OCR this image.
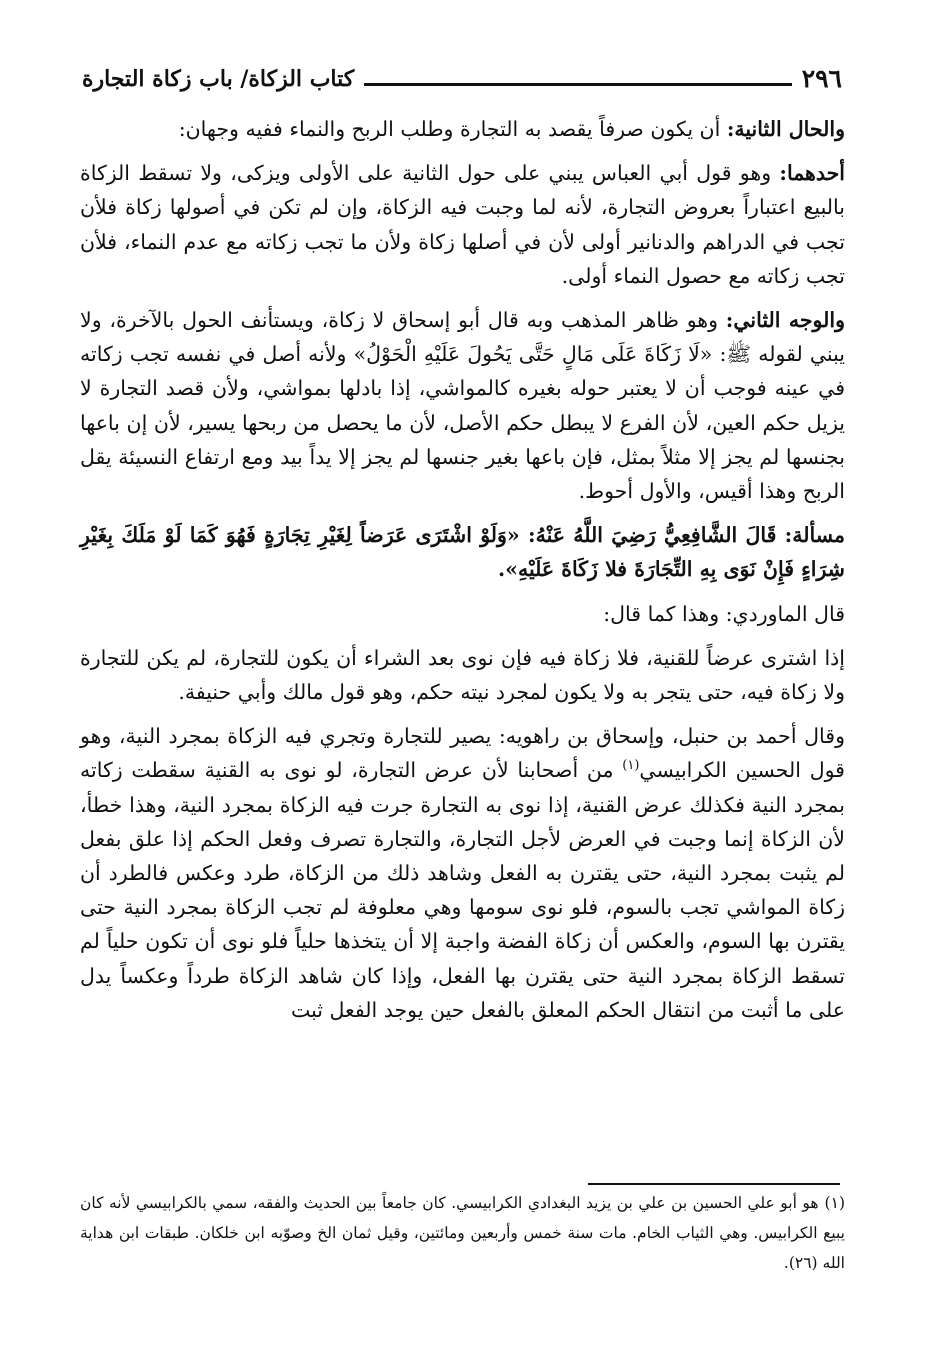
٢٩٦
كتاب الزكاة/ باب زكاة التجارة

والحال الثانية: أن يكون صرفاً يقصد به التجارة وطلب الربح والنماء ففيه وجهان:

أحدهما: وهو قول أبي العباس يبني على حول الثانية على الأولى ويزكى، ولا تسقط الزكاة بالبيع اعتباراً بعروض التجارة، لأنه لما وجبت فيه الزكاة، وإن لم تكن في أصولها زكاة فلأن تجب في الدراهم والدنانير أولى لأن في أصلها زكاة ولأن ما تجب زكاته مع عدم النماء، فلأن تجب زكاته مع حصول النماء أولى.

والوجه الثاني: وهو ظاهر المذهب وبه قال أبو إسحاق لا زكاة، ويستأنف الحول بالآخرة، ولا يبني لقوله ﷺ: «لَا زَكَاةَ عَلَى مَالٍ حَتَّى يَحُولَ عَلَيْهِ الْحَوْلُ» ولأنه أصل في نفسه تجب زكاته في عينه فوجب أن لا يعتبر حوله بغيره كالمواشي، إذا بادلها بمواشي، ولأن قصد التجارة لا يزيل حكم العين، لأن الفرع لا يبطل حكم الأصل، لأن ما يحصل من ربحها يسير، لأن إن باعها بجنسها لم يجز إلا مثلاً بمثل، فإن باعها بغير جنسها لم يجز إلا يداً بيد ومع ارتفاع النسيئة يقل الربح وهذا أقيس، والأول أحوط.

مسألة: قَالَ الشَّافِعِيُّ رَضِيَ اللَّهُ عَنْهُ: «وَلَوْ اشْتَرَى عَرَضاً لِغَيْرِ تِجَارَةٍ فَهُوَ كَمَا لَوْ مَلَكَ بِغَيْرِ شِرَاءٍ فَإِنْ نَوَى بِهِ التِّجَارَةَ فلا زَكَاةَ عَلَيْهِ».

قال الماوردي: وهذا كما قال:

إذا اشترى عرضاً للقنية، فلا زكاة فيه فإن نوى بعد الشراء أن يكون للتجارة، لم يكن للتجارة ولا زكاة فيه، حتى يتجر به ولا يكون لمجرد نيته حكم، وهو قول مالك وأبي حنيفة.

وقال أحمد بن حنبل، وإسحاق بن راهويه: يصير للتجارة وتجري فيه الزكاة بمجرد النية، وهو قول الحسين الكرابيسي$^{(١)}$ من أصحابنا لأن عرض التجارة، لو نوى به القنية سقطت زكاته بمجرد النية فكذلك عرض القنية، إذا نوى به التجارة جرت فيه الزكاة بمجرد النية، وهذا خطأ، لأن الزكاة إنما وجبت في العرض لأجل التجارة، والتجارة تصرف وفعل الحكم إذا علق بفعل لم يثبت بمجرد النية، حتى يقترن به الفعل وشاهد ذلك من الزكاة، طرد وعكس فالطرد أن زكاة المواشي تجب بالسوم، فلو نوى سومها وهي معلوفة لم تجب الزكاة بمجرد النية حتى يقترن بها السوم، والعكس أن زكاة الفضة واجبة إلا أن يتخذها حلياً فلو نوى أن تكون حلياً لم تسقط الزكاة بمجرد النية حتى يقترن بها الفعل، وإذا كان شاهد الزكاة طرداً وعكساً يدل على ما أثبت من انتقال الحكم المعلق بالفعل حين يوجد الفعل ثبت

(١)هو أبو علي الحسين بن علي بن يزيد البغدادي الكرابيسي. كان جامعاً بين الحديث والفقه، سمي بالكرابيسي لأنه كان يبيع الكرابيس. وهي الثياب الخام. مات سنة خمس وأربعين ومائتين، وقيل ثمان الخ وصوّبه ابن خلكان. طبقات ابن هداية الله (٢٦).
